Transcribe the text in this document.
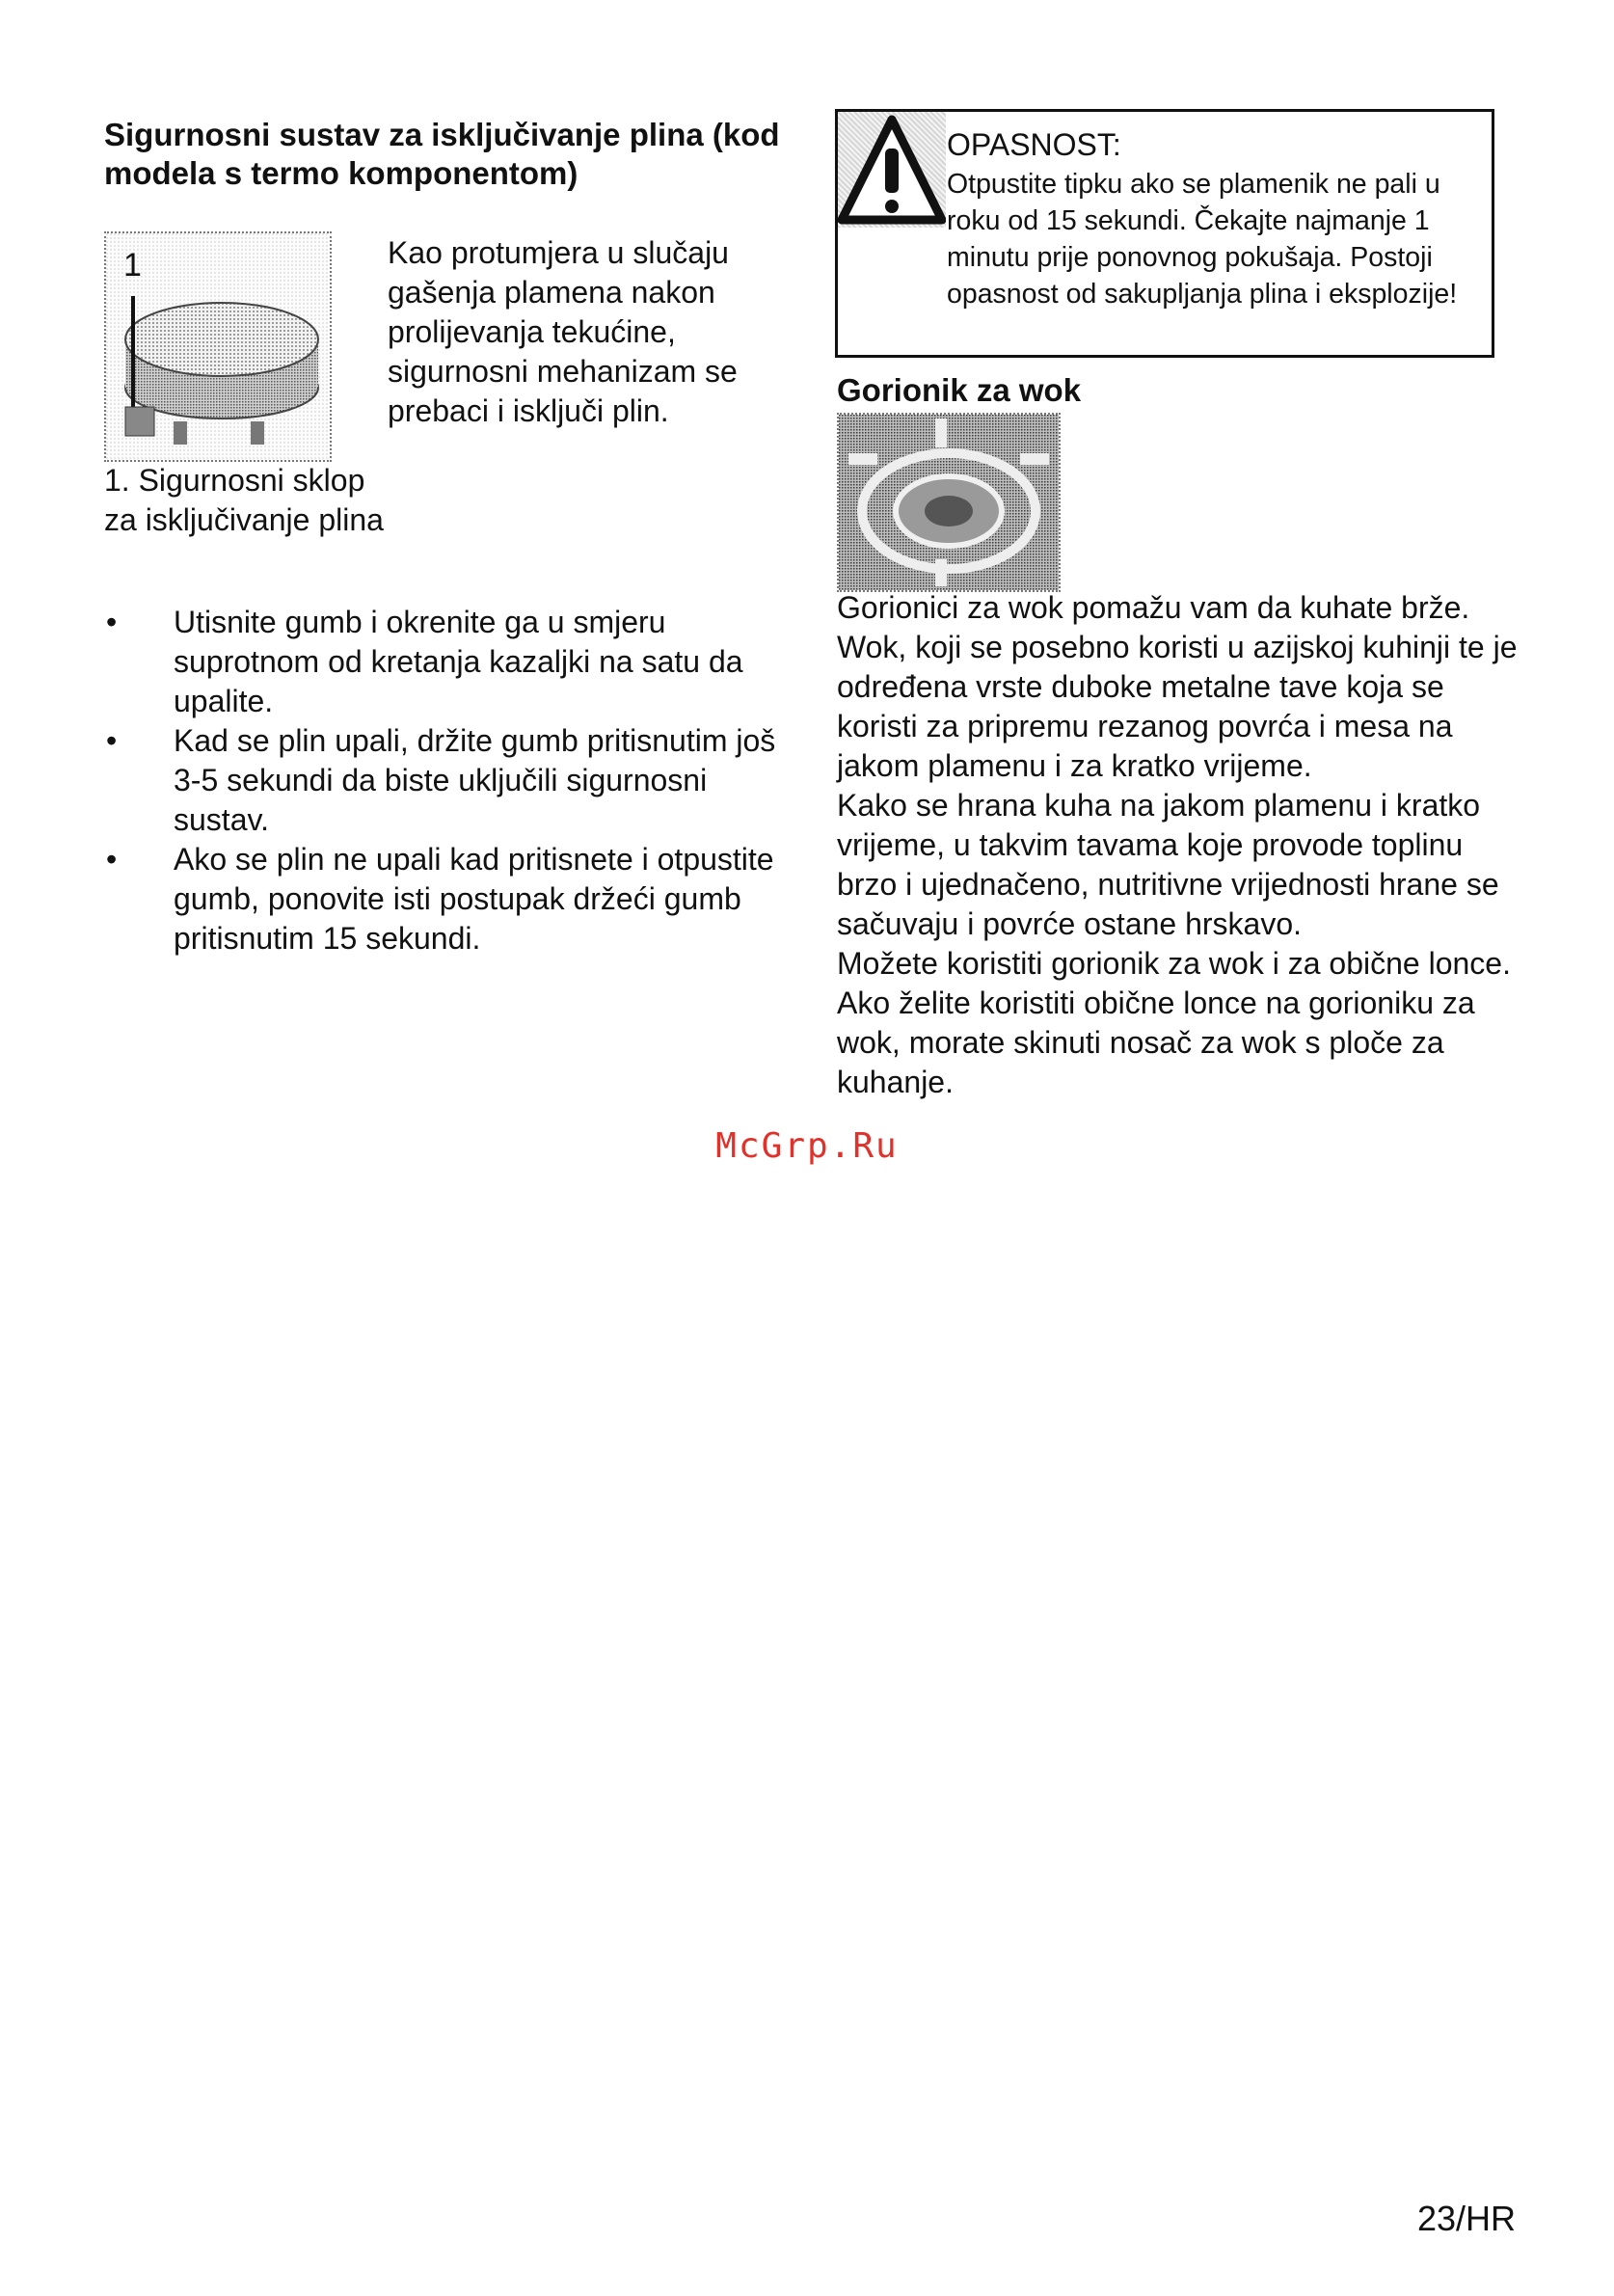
Sigurnosni sustav za isključivanje plina (kod modela s termo komponentom)
1	Kao protumjera u slučaju gašenja plamena nakon prolijevanja tekućine, sigurnosni mehanizam se prebaci i isključi plin.
1. Sigurnosni sklop
za isključivanje plina
• Utisnite gumb i okrenite ga u smjeru suprotnom od kretanja kazaljki na satu da upalite.
• Kad se plin upali, držite gumb pritisnutim još 3-5 sekundi da biste uključili sigurnosni sustav.
• Ako se plin ne upali kad pritisnete i otpustite gumb, ponovite isti postupak držeći gumb pritisnutim 15 sekundi.
OPASNOST:
Otpustite tipku ako se plamenik ne pali u roku od 15 sekundi. Čekajte najmanje 1 minutu prije ponovnog pokušaja. Postoji opasnost od sakupljanja plina i eksplozije!
Gorionik za wok

Gorionici za wok pomažu vam da kuhate brže. Wok, koji se posebno koristi u azijskoj kuhinji te je određena vrste duboke metalne tave koja se koristi za pripremu rezanog povrća i mesa na jakom plamenu i za kratko vrijeme.

Kako se hrana kuha na jakom plamenu i kratko vrijeme, u takvim tavama koje provode toplinu brzo i ujednačeno, nutritivne vrijednosti hrane se sačuvaju i povrće ostane hrskavo.

Možete koristiti gorionik za wok i za obične lonce.

Ako želite koristiti obične lonce na gorioniku za wok, morate skinuti nosač za wok s ploče za kuhanje.

McGrp.Ru
23/HR
